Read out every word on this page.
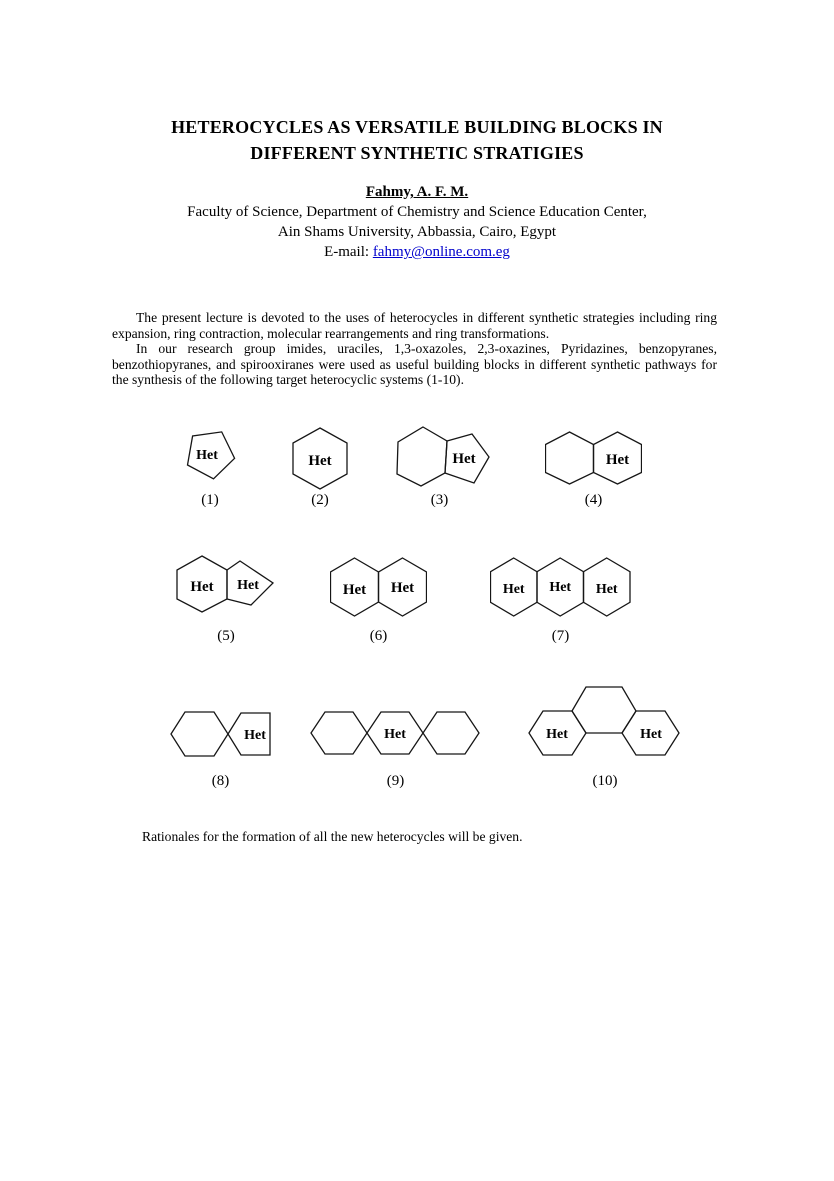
HETEROCYCLES AS VERSATILE BUILDING BLOCKS IN
DIFFERENT SYNTHETIC STRATIGIES
Fahmy, A. F. M.
Faculty of Science, Department of Chemistry and Science Education Center,
Ain Shams University, Abbassia, Cairo, Egypt
E-mail: fahmy@online.com.eg

The present lecture is devoted to the uses of heterocycles in different synthetic strategies including ring expansion, ring contraction, molecular rearrangements and ring transformations.

In our research group imides, uraciles, 1,3-oxazoles, 2,3-oxazines, Pyridazines, benzopyranes, benzothiopyranes, and spirooxiranes were used as useful building blocks in different synthetic pathways for the synthesis of the following target heterocyclic systems (1-10).

Het
(1)
Het
(2)
Het
(3)
Het
(4)
Het Het
(5)
Het Het
(6)
Het Het Het
(7)
Het
(8)
Het
(9)
Het	Het
(10)
Rationales for the formation of all the new heterocycles will be given.
